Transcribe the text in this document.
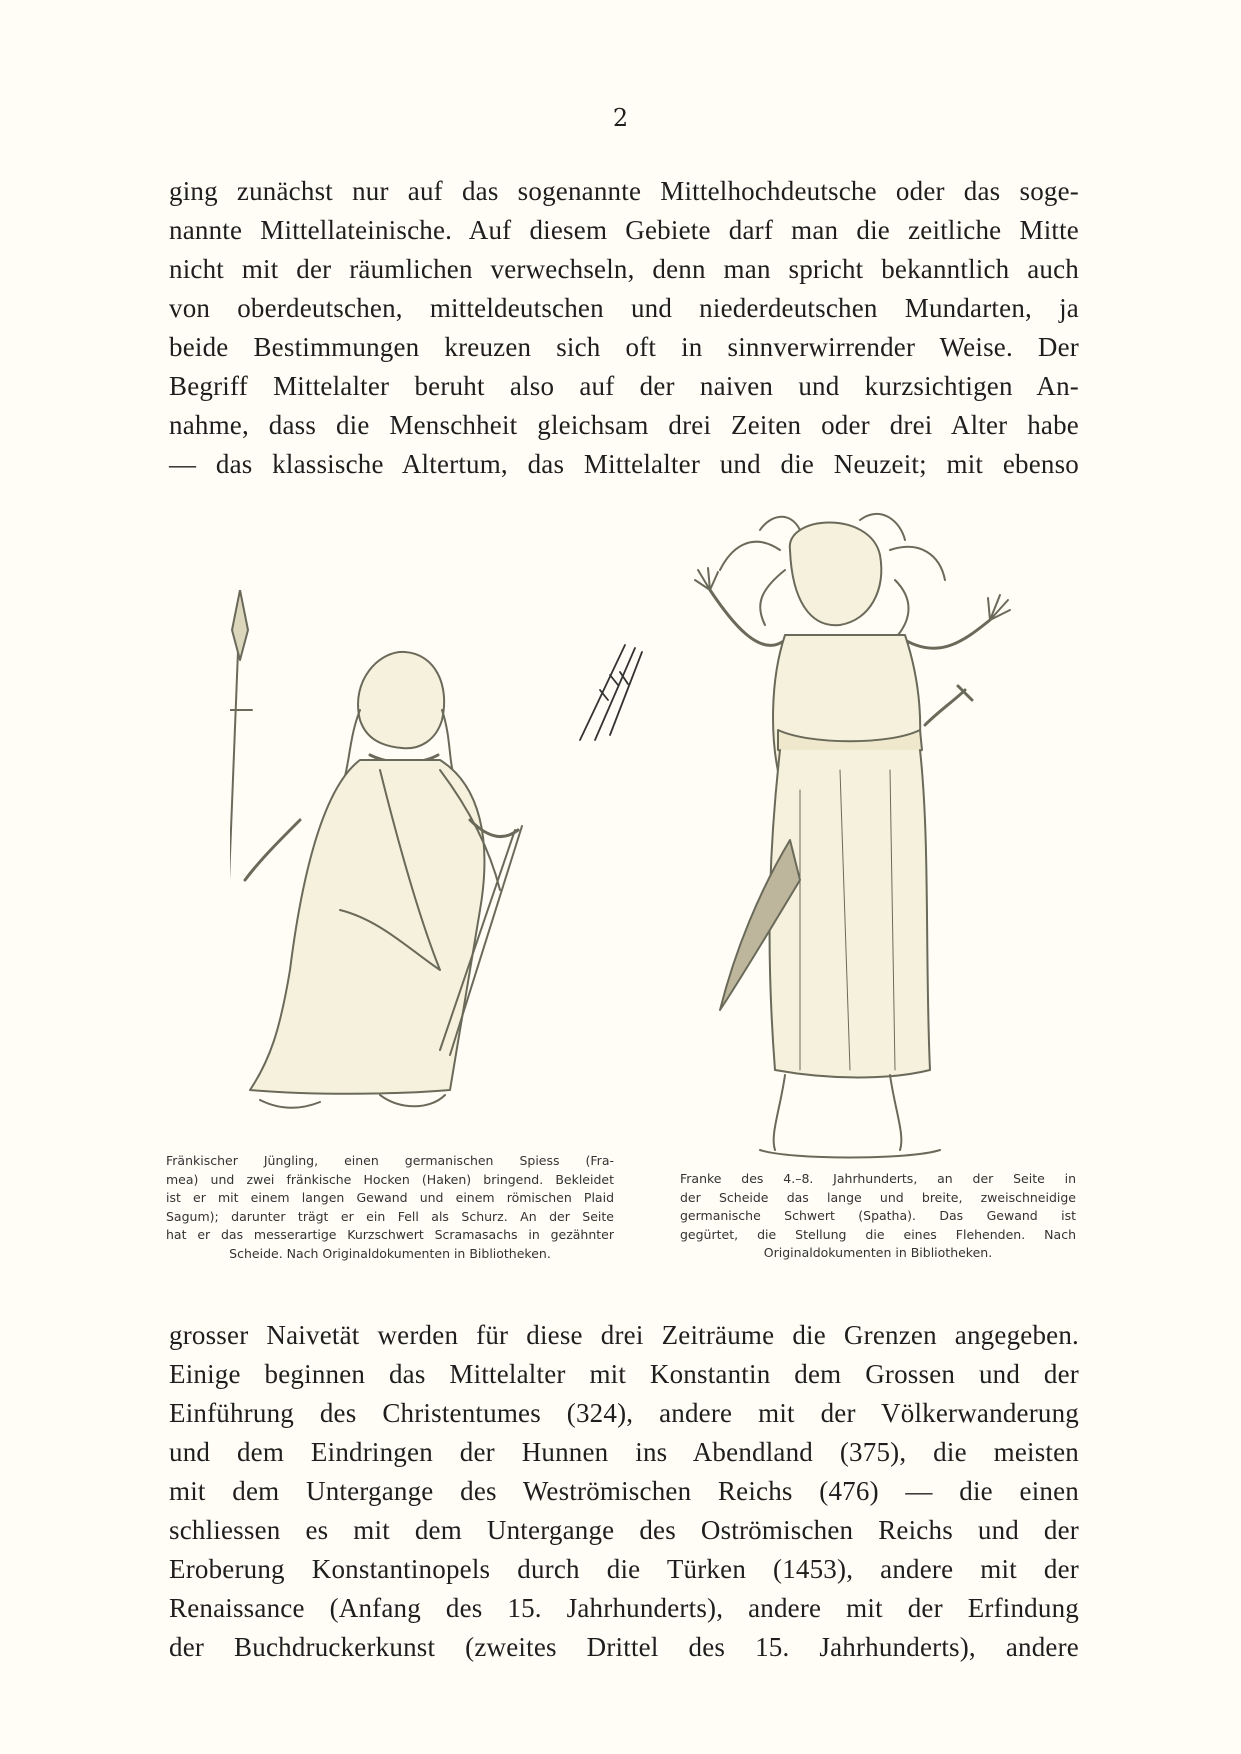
2
ging zunächst nur auf das sogenannte Mittelhochdeutsche oder das soge-
nannte Mittellateinische. Auf diesem Gebiete darf man die zeitliche Mitte
nicht mit der räumlichen verwechseln, denn man spricht bekanntlich auch
von oberdeutschen, mitteldeutschen und niederdeutschen Mundarten, ja
beide Bestimmungen kreuzen sich oft in sinnverwirrender Weise. Der
Begriff Mittelalter beruht also auf der naiven und kurzsichtigen An-
nahme, dass die Menschheit gleichsam drei Zeiten oder drei Alter habe
— das klassische Altertum, das Mittelalter und die Neuzeit; mit ebenso
Fränkischer Jüngling, einen germanischen Spiess (Fra-
mea) und zwei fränkische Hocken (Haken) bringend. Bekleidet
ist er mit einem langen Gewand und einem römischen Plaid
Sagum); darunter trägt er ein Fell als Schurz. An der Seite
hat er das messerartige Kurzschwert Scramasachs in gezähnter
Scheide. Nach Originaldokumenten in Bibliotheken.
Franke des 4.–8. Jahrhunderts, an der Seite in
der Scheide das lange und breite, zweischneidige
germanische Schwert (Spatha). Das Gewand ist
gegürtet, die Stellung die eines Flehenden. Nach
Originaldokumenten in Bibliotheken.
grosser Naivetät werden für diese drei Zeiträume die Grenzen angegeben.
Einige beginnen das Mittelalter mit Konstantin dem Grossen und der
Einführung des Christentumes (324), andere mit der Völkerwanderung
und dem Eindringen der Hunnen ins Abendland (375), die meisten
mit dem Untergange des Weströmischen Reichs (476) — die einen
schliessen es mit dem Untergange des Oströmischen Reichs und der
Eroberung Konstantinopels durch die Türken (1453), andere mit der
Renaissance (Anfang des 15. Jahrhunderts), andere mit der Erfindung
der Buchdruckerkunst (zweites Drittel des 15. Jahrhunderts), andere
